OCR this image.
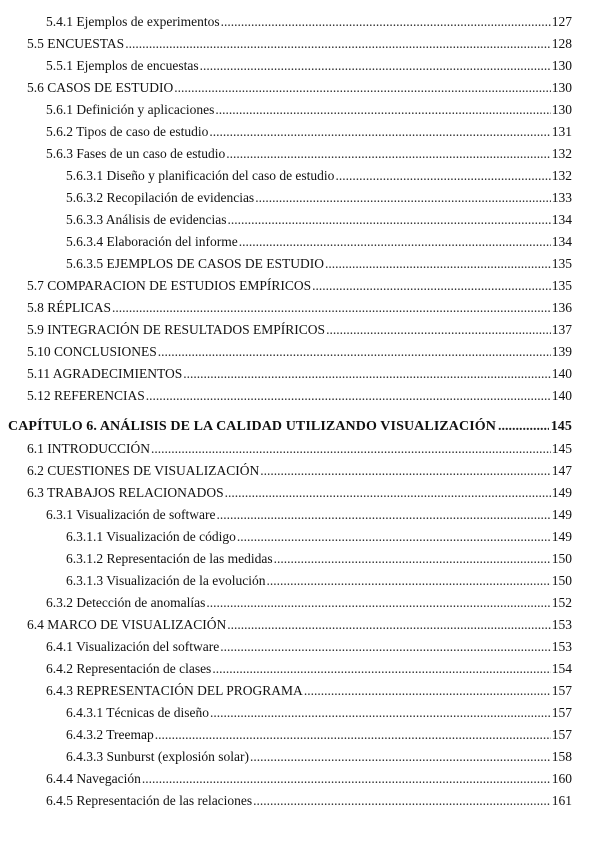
5.4.1 Ejemplos de experimentos .....	127
5.5 ENCUESTAS .....	128
5.5.1 Ejemplos de encuestas .....	130
5.6 CASOS DE ESTUDIO .....	130
5.6.1 Definición y aplicaciones .....	130
5.6.2 Tipos de caso de estudio .....	131
5.6.3 Fases de un caso de estudio .....	132
5.6.3.1 Diseño y planificación del caso de estudio .....	132
5.6.3.2 Recopilación de evidencias .....	133
5.6.3.3 Análisis de evidencias .....	134
5.6.3.4 Elaboración del informe .....	134
5.6.3.5 EJEMPLOS DE CASOS DE ESTUDIO .....	135
5.7 COMPARACION DE ESTUDIOS EMPÍRICOS .....	135
5.8 RÉPLICAS .....	136
5.9 INTEGRACIÓN DE RESULTADOS EMPÍRICOS .....	137
5.10 CONCLUSIONES .....	139
5.11 AGRADECIMIENTOS .....	140
5.12 REFERENCIAS .....	140
CAPÍTULO 6. ANÁLISIS DE LA CALIDAD UTILIZANDO VISUALIZACIÓN .....	145
6.1 INTRODUCCIÓN .....	145
6.2 CUESTIONES DE VISUALIZACIÓN .....	147
6.3 TRABAJOS RELACIONADOS .....	149
6.3.1 Visualización de software .....	149
6.3.1.1 Visualización de código .....	149
6.3.1.2 Representación de las medidas .....	150
6.3.1.3 Visualización de la evolución .....	150
6.3.2 Detección de anomalías .....	152
6.4 MARCO DE VISUALIZACIÓN .....	153
6.4.1 Visualización del software .....	153
6.4.2 Representación de clases .....	154
6.4.3 REPRESENTACIÓN DEL PROGRAMA .....	157
6.4.3.1 Técnicas de diseño .....	157
6.4.3.2 Treemap .....	157
6.4.3.3 Sunburst (explosión solar) .....	158
6.4.4 Navegación .....	160
6.4.5 Representación de las relaciones .....	161
